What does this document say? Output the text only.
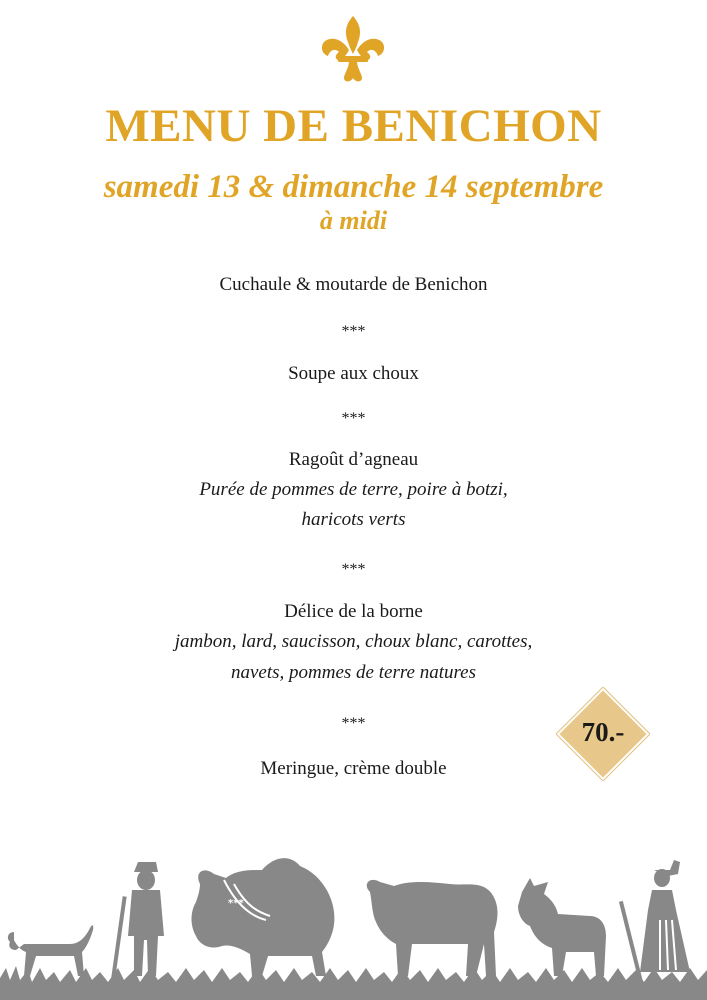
MENU DE BENICHON
samedi 13 & dimanche 14 septembre
à midi
Cuchaule & moutarde de Benichon
***
Soupe aux choux
***
Ragoût d’agneau
Purée de pommes de terre, poire à botzi,
haricots verts
***
Délice de la borne
jambon, lard, saucisson, choux blanc, carottes,
navets, pommes de terre natures
***
Meringue, crème double
70.-
***
